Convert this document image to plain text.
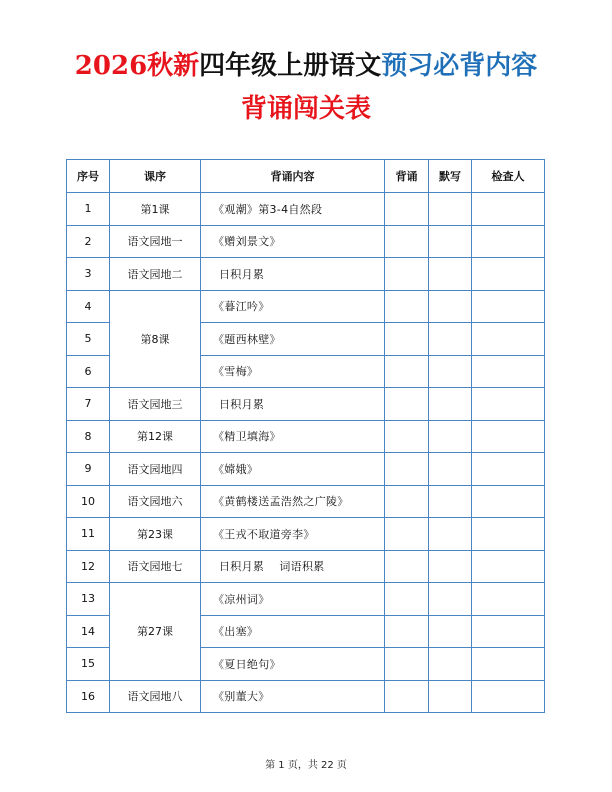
2026秋新四年级上册语文预习必背内容
背诵闯关表
序号	课序	背诵内容	背诵	默写	检查人
1	第1课	《观潮》第3-4自然段			
2	语文园地一	《赠刘景文》			
3	语文园地二	日积月累			
4	第8课	《暮江吟》			
5		《题西林壁》			
6		《雪梅》			
7	语文园地三	日积月累			
8	第12课	《精卫填海》			
9	语文园地四	《嫦娥》			
10	语文园地六	《黄鹤楼送孟浩然之广陵》			
11	第23课	《王戎不取道旁李》			
12	语文园地七	日积月累    词语积累			
13	第27课	《凉州词》			
14		《出塞》			
15		《夏日绝句》			
16	语文园地八	《别董大》			
第 1 页，共 22 页
